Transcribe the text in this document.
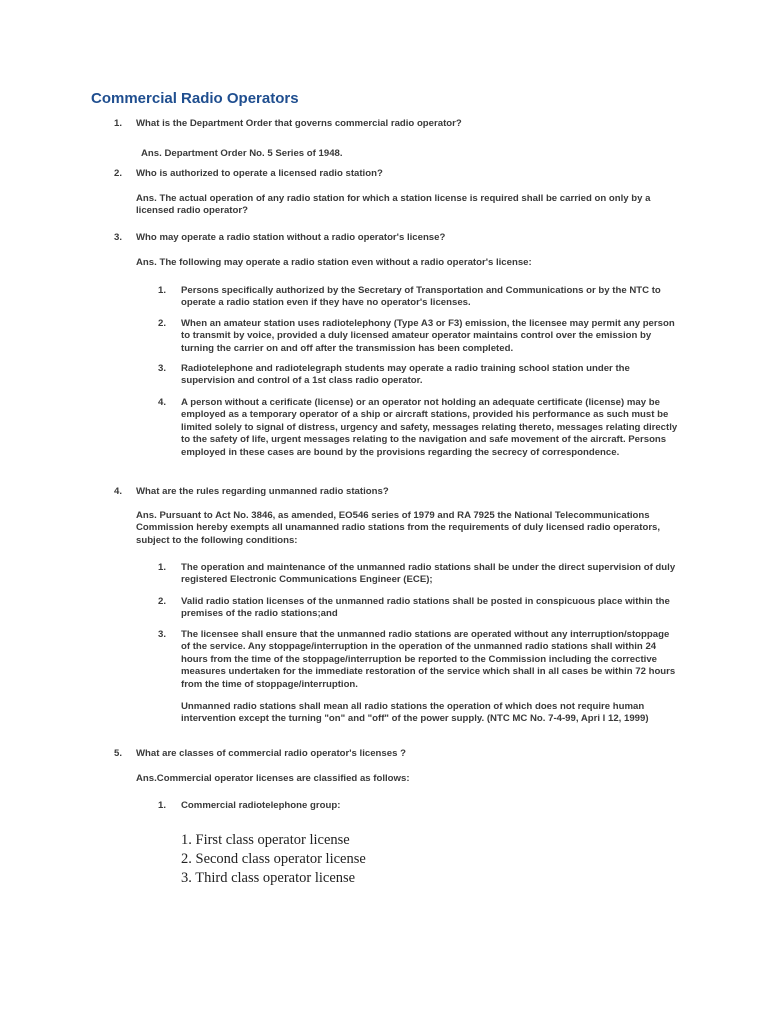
Commercial Radio Operators
1.	What is the Department Order that governs commercial radio operator?
Ans. Department Order No. 5 Series of 1948.
2.	Who is authorized to operate a licensed radio station?
Ans. The actual operation of any radio station for which a station license is required shall be carried on only by a licensed radio operator?
3.	Who may operate a radio station without a radio operator's license?
Ans. The following may operate a radio station even without a radio operator's license:
1.	Persons specifically authorized by the Secretary of Transportation and Communications or by the NTC to operate a radio station even if they have no operator's licenses.
2.	When an amateur station uses radiotelephony (Type A3 or F3) emission, the licensee may permit any person to transmit by voice, provided a duly licensed amateur operator maintains control over the emission by turning the carrier on and off after the transmission has been completed.
3.	Radiotelephone and radiotelegraph students may operate a radio training school station under the supervision and control of a 1st class radio operator.
4.	A person without a cerificate (license) or an operator not holding an adequate certificate (license) may be employed as a temporary operator of a ship or aircraft stations, provided his performance as such must be limited solely to signal of distress, urgency and safety, messages relating thereto, messages relating directly to the safety of life, urgent messages relating to the navigation and safe movement of the aircraft. Persons employed in these cases are bound by the provisions regarding the secrecy of correspondence.
4.	What are the rules regarding unmanned radio stations?
Ans. Pursuant to Act No. 3846, as amended, EO546 series of 1979 and RA 7925 the National Telecommunications Commission hereby exempts all unamanned radio stations from the requirements of duly licensed radio operators, subject to the following conditions:
1.	The operation and maintenance of the unmanned radio stations shall be under the direct supervision of duly registered Electronic Communications Engineer (ECE);
2.	Valid radio station licenses of the unmanned radio stations shall be posted in conspicuous place within the premises of the radio stations;and
3.	The licensee shall ensure that the unmanned radio stations are operated without any interruption/stoppage of the service. Any stoppage/interruption in the operation of the unmanned radio stations shall within 24 hours from the time of the stoppage/interruption be reported to the Commission including the corrective measures undertaken for the immediate restoration of the service which shall in all cases be within 72 hours from the time of stoppage/interruption.
Unmanned radio stations shall mean all radio stations the operation of which does not require human intervention except the turning "on" and "off" of the power supply. (NTC MC No. 7-4-99, Apri l 12, 1999)
5.	What are classes of commercial radio operator's licenses ?
Ans.Commercial operator licenses are classified as follows:
1.	Commercial radiotelephone group:
1. First class operator license
2. Second class operator license
3. Third class operator license
